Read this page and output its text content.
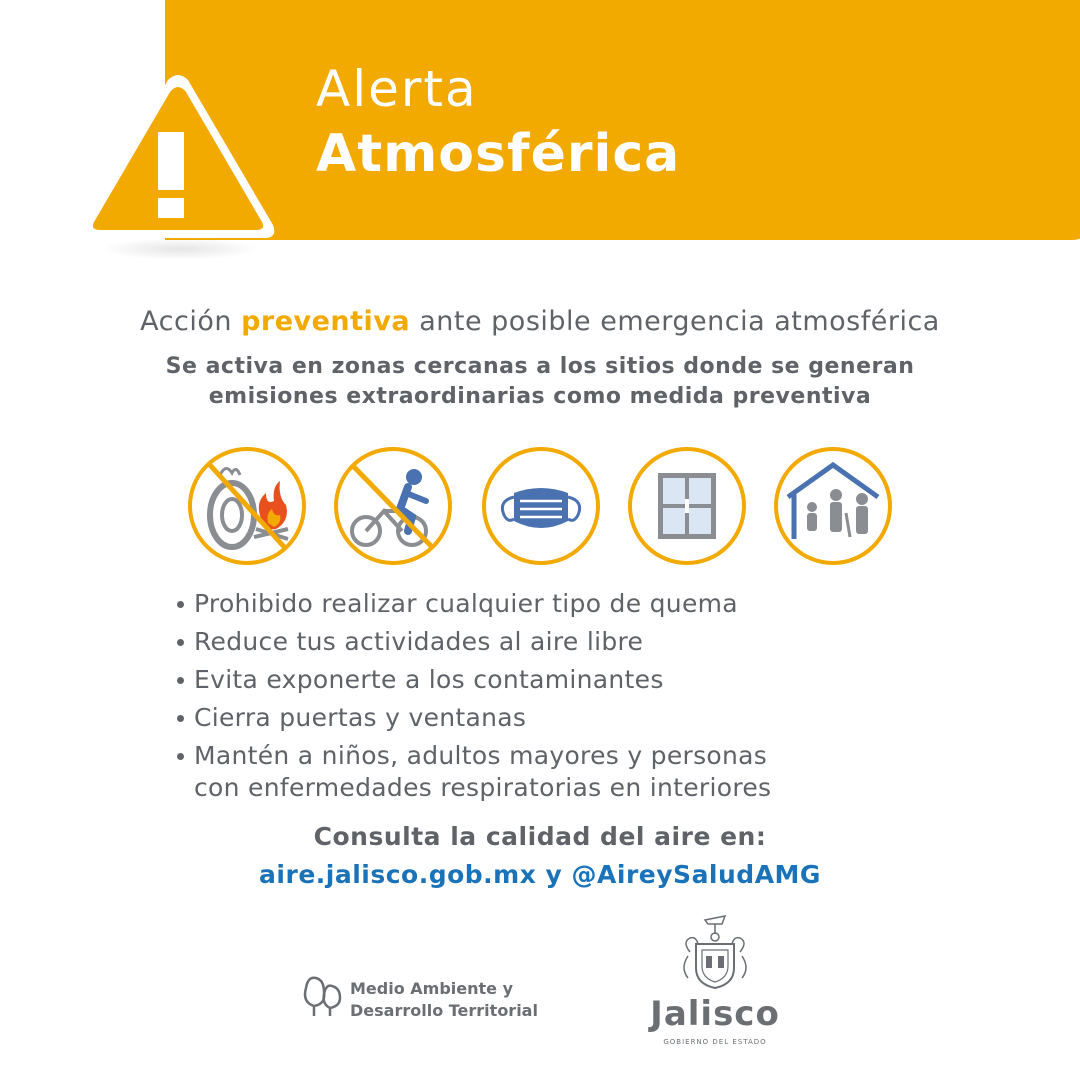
Alerta
Atmosférica
Acción preventiva ante posible emergencia atmosférica
Se activa en zonas cercanas a los sitios donde se generan
emisiones extraordinarias como medida preventiva
Prohibido realizar cualquier tipo de quema
Reduce tus actividades al aire libre
Evita exponerte a los contaminantes
Cierra puertas y ventanas
Mantén a niños, adultos mayores y personas
con enfermedades respiratorias en interiores
Consulta la calidad del aire en:
aire.jalisco.gob.mx y @AireySaludAMG
Medio Ambiente y
Desarrollo Territorial	Jalisco
GOBIERNO DEL ESTADO
